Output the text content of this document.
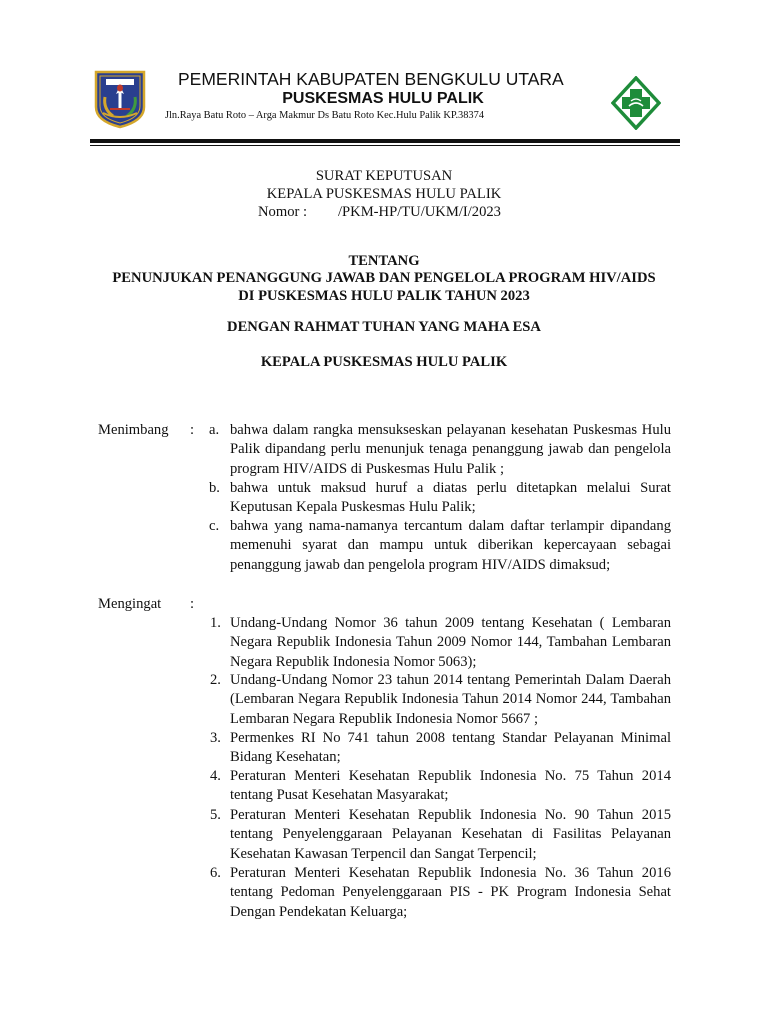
PEMERINTAH KABUPATEN BENGKULU UTARA
PUSKESMAS HULU PALIK
Jln.Raya Batu Roto – Arga Makmur Ds Batu Roto Kec.Hulu Palik KP.38374
SURAT KEPUTUSAN
KEPALA PUSKESMAS HULU PALIK
Nomor : /PKM-HP/TU/UKM/I/2023
TENTANG
PENUNJUKAN PENANGGUNG JAWAB DAN PENGELOLA PROGRAM HIV/AIDS
DI PUSKESMAS HULU PALIK TAHUN 2023
DENGAN RAHMAT TUHAN YANG MAHA ESA
KEPALA PUSKESMAS HULU PALIK
Menimbang : a. bahwa dalam rangka mensukseskan pelayanan kesehatan Puskesmas Hulu Palik dipandang perlu menunjuk tenaga penanggung jawab dan pengelola program HIV/AIDS di Puskesmas Hulu Palik ;

b. bahwa untuk maksud huruf a diatas perlu ditetapkan melalui Surat Keputusan Kepala Puskesmas Hulu Palik;

c. bahwa yang nama-namanya tercantum dalam daftar terlampir dipandang memenuhi syarat dan mampu untuk diberikan kepercayaan sebagai penanggung jawab dan pengelola program HIV/AIDS dimaksud;

Mengingat :
1. Undang-Undang Nomor 36 tahun 2009 tentang Kesehatan ( Lembaran Negara Republik Indonesia Tahun 2009 Nomor 144, Tambahan Lembaran Negara Republik Indonesia Nomor 5063);

2. Undang-Undang Nomor 23 tahun 2014 tentang Pemerintah Dalam Daerah (Lembaran Negara Republik Indonesia Tahun 2014 Nomor 244, Tambahan Lembaran Negara Republik Indonesia Nomor 5667 ;

3. Permenkes RI No 741 tahun 2008 tentang Standar Pelayanan Minimal Bidang Kesehatan;

4. Peraturan Menteri Kesehatan Republik Indonesia No. 75 Tahun 2014 tentang Pusat Kesehatan Masyarakat;

5. Peraturan Menteri Kesehatan Republik Indonesia No. 90 Tahun 2015 tentang Penyelenggaraan Pelayanan Kesehatan di Fasilitas Pelayanan Kesehatan Kawasan Terpencil dan Sangat Terpencil;

6. Peraturan Menteri Kesehatan Republik Indonesia No. 36 Tahun 2016 tentang Pedoman Penyelenggaraan PIS - PK Program Indonesia Sehat Dengan Pendekatan Keluarga;
